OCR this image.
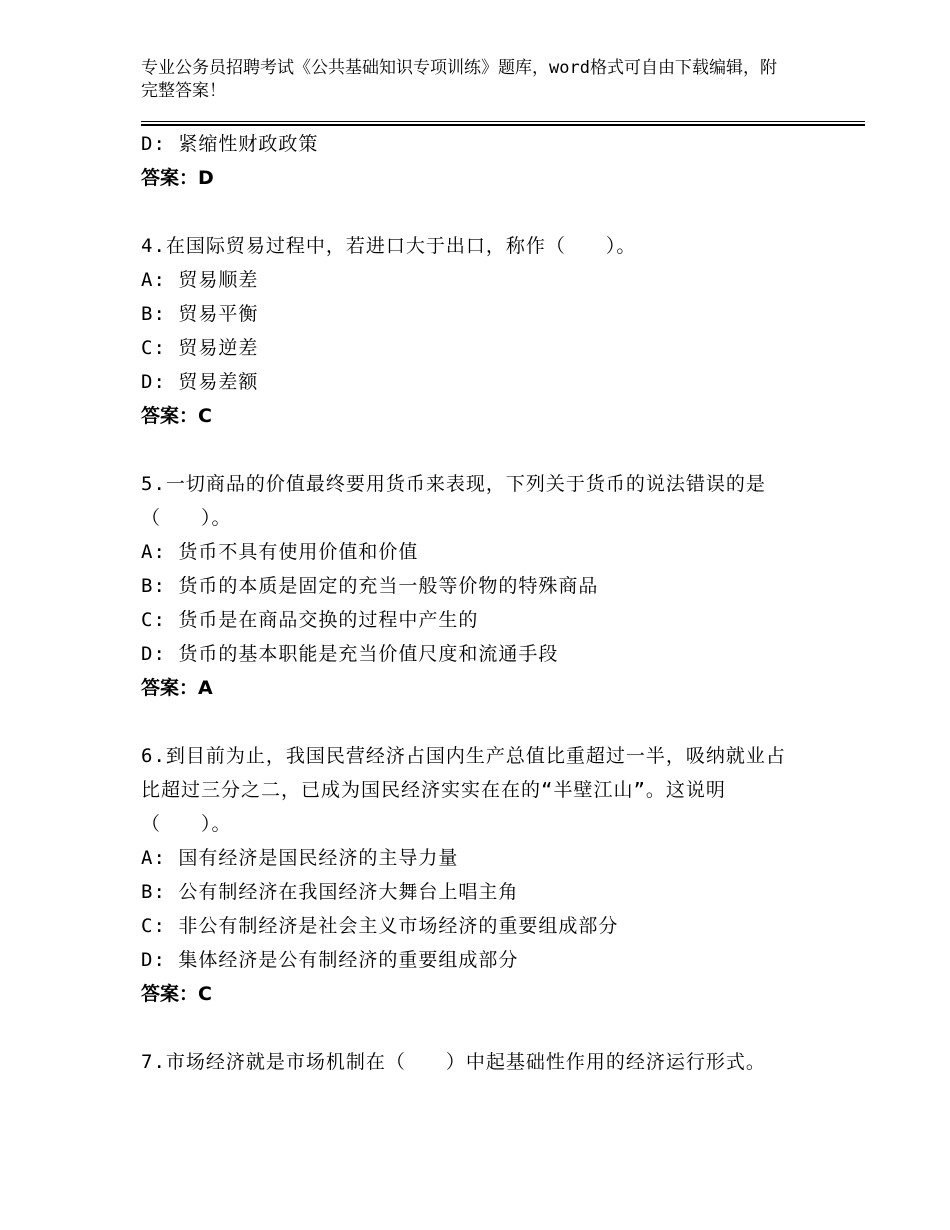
专业公务员招聘考试《公共基础知识专项训练》题库，word格式可自由下载编辑，附完整答案！
D: 紧缩性财政政策
答案：D
4.在国际贸易过程中，若进口大于出口，称作（　　）。
A: 贸易顺差
B: 贸易平衡
C: 贸易逆差
D: 贸易差额
答案：C
5.一切商品的价值最终要用货币来表现，下列关于货币的说法错误的是（　　）。
A: 货币不具有使用价值和价值
B: 货币的本质是固定的充当一般等价物的特殊商品
C: 货币是在商品交换的过程中产生的
D: 货币的基本职能是充当价值尺度和流通手段
答案：A
6.到目前为止，我国民营经济占国内生产总值比重超过一半，吸纳就业占比超过三分之二，已成为国民经济实实在在的“半壁江山”。这说明（　　）。
A: 国有经济是国民经济的主导力量
B: 公有制经济在我国经济大舞台上唱主角
C: 非公有制经济是社会主义市场经济的重要组成部分
D: 集体经济是公有制经济的重要组成部分
答案：C
7.市场经济就是市场机制在（　　）中起基础性作用的经济运行形式。
